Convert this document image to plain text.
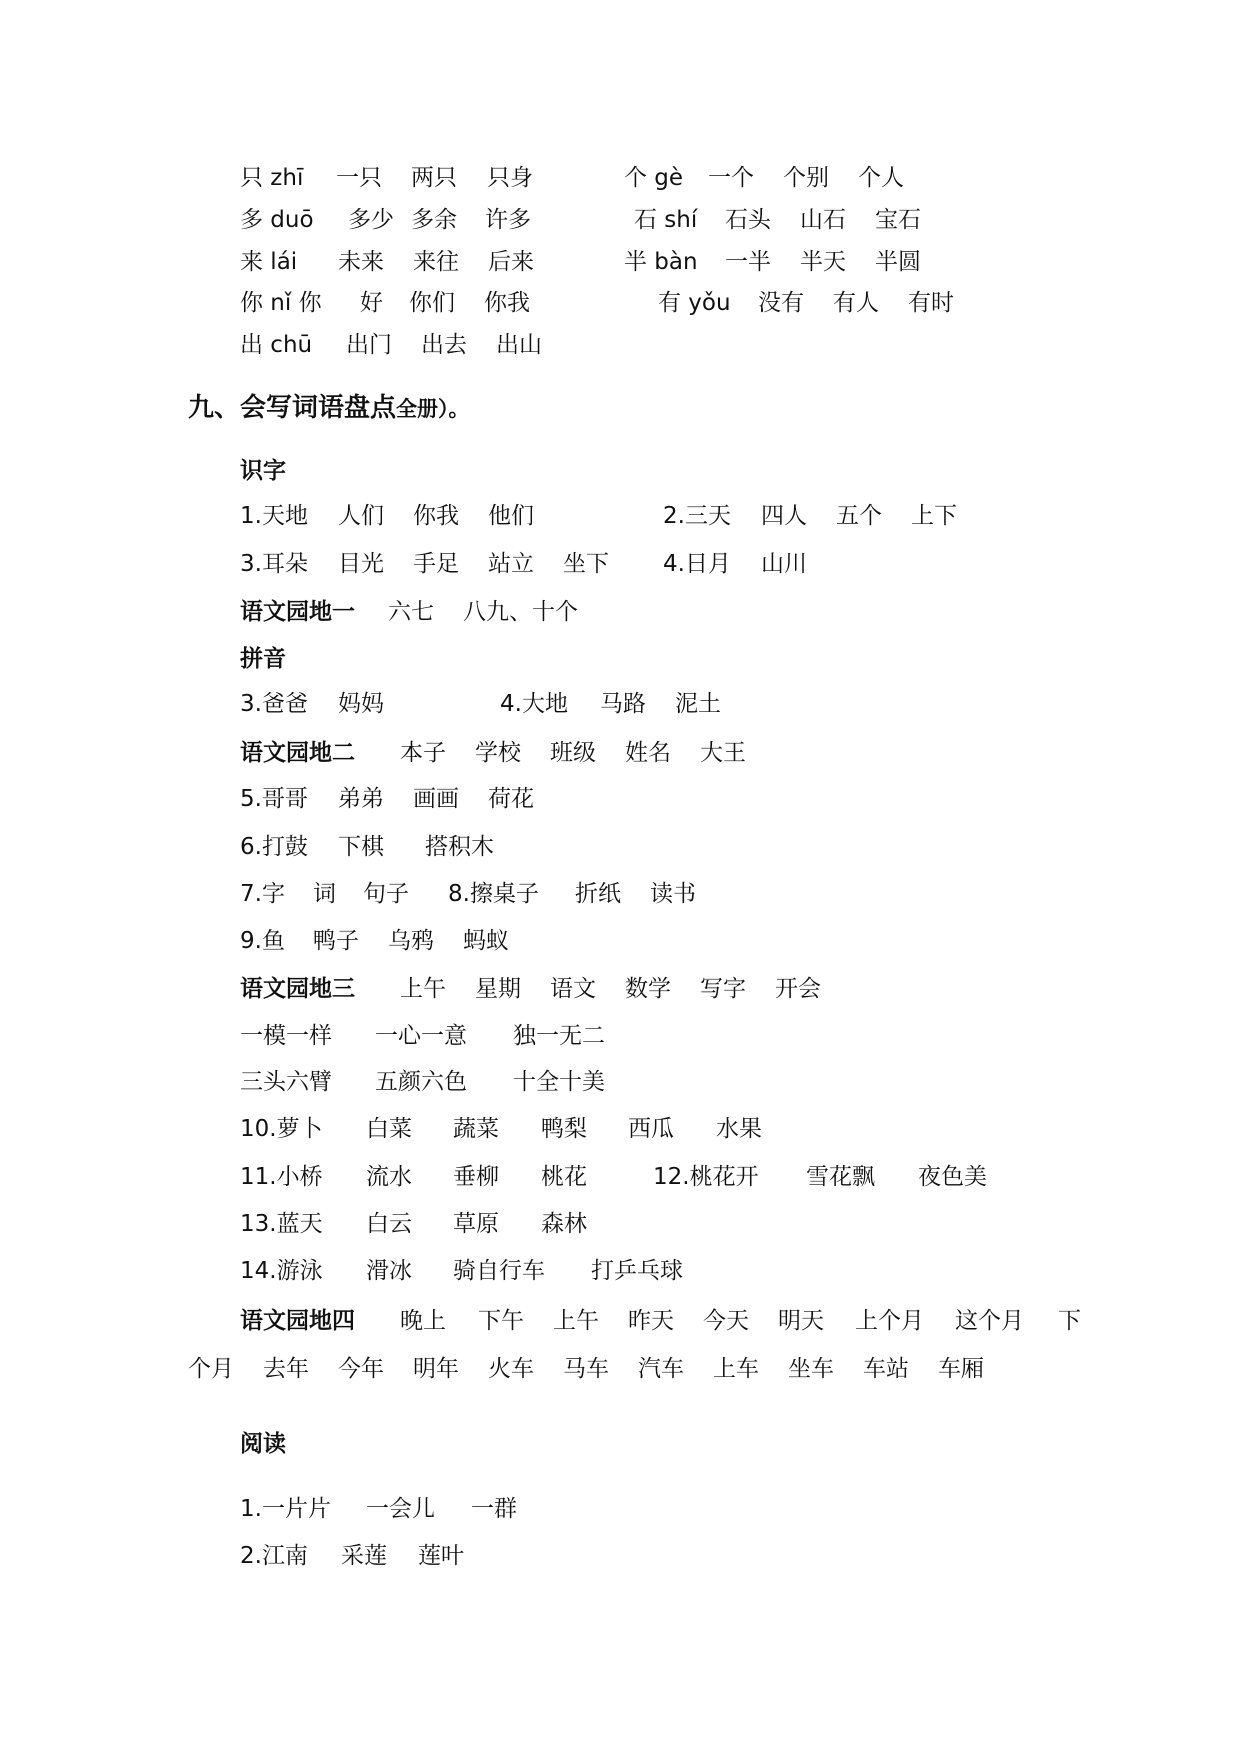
只 zhī 一只 两只 只身	个 gè 一个 个别 个人
多 duō 多少 多余 许多	石 shí 石头 山石 宝石
来 lái 未来 来往 后来	半 bàn 一半 半天 半圆
你 nǐ 你 好 你们 你我	有 yǒu 没有 有人 有时
出 chū 出门 出去 出山
九、会写词语盘点全册）。
识字
1.天地 人们 你我 他们	2.三天 四人 五个 上下
3.耳朵 目光 手足 站立 坐下 4.日月 山川
语文园地一 六七 八九、十个
拼音
3.爸爸 妈妈	4.大地 马路 泥土
语文园地二 本子 学校 班级 姓名 大王
5.哥哥 弟弟 画画 荷花
6.打鼓 下棋 搭积木
7.字 词 句子 8.擦桌子 折纸 读书
9.鱼 鸭子 乌鸦 蚂蚁
语文园地三 上午 星期 语文 数学 写字 开会
一模一样 一心一意 独一无二
三头六臂 五颜六色 十全十美
10.萝卜 白菜 蔬菜 鸭梨 西瓜 水果
11.小桥 流水 垂柳 桃花	12.桃花开 雪花飘 夜色美
13.蓝天 白云 草原 森林
14.游泳 滑冰 骑自行车 打乒乓球
语文园地四 晚上 下午 上午 昨天 今天 明天 上个月 这个月 下
个月 去年 今年 明年 火车 马车 汽车 上车 坐车 车站 车厢
阅读
1.一片片 一会儿 一群
2.江南 采莲 莲叶
